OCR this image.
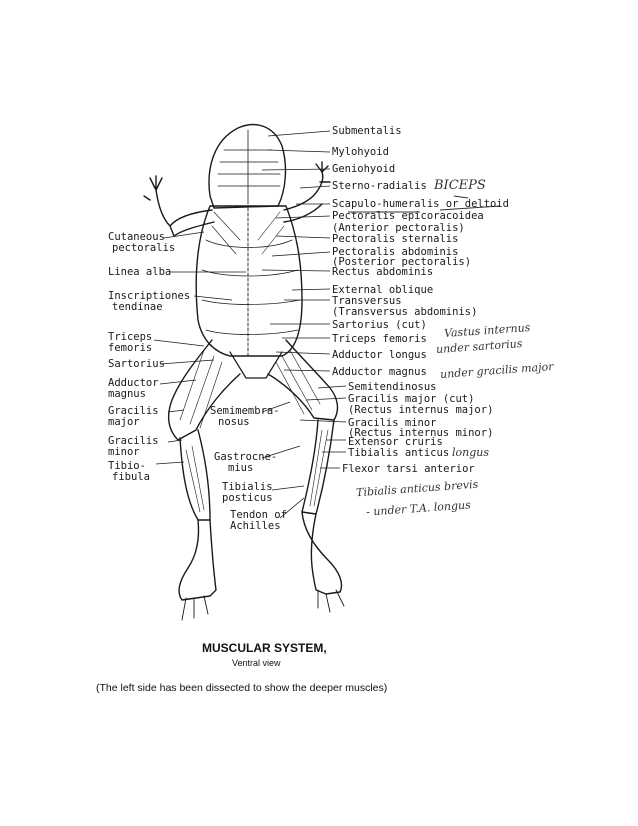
Submentalis
Mylohyoid
Geniohyoid
Sterno-radialis
Scapulo-humeralis or deltoid
Pectoralis epicoracoidea
(Anterior pectoralis)
Pectoralis sternalis
Pectoralis abdominis
(Posterior pectoralis)
Rectus abdominis
External oblique
Transversus
(Transversus abdominis)
Sartorius (cut)
Triceps femoris
Adductor longus
Adductor magnus
Semitendinosus
Gracilis major (cut)
(Rectus internus major)
Gracilis minor
(Rectus internus minor)
Extensor cruris
Tibialis anticus
Flexor tarsi anterior
Cutaneous
pectoralis
Linea alba
Inscriptiones
tendinae
Triceps
femoris
Sartorius
Adductor
magnus
Gracilis
major
Gracilis
minor
Tibio-
fibula
Semimembra-
nosus
Gastrocne-
mius
Tibialis
posticus
Tendon of
Achilles
BICEPS
Vastus internus
under sartorius
under gracilis major
longus
Tibialis anticus brevis
- under T.A. longus
MUSCULAR SYSTEM,
Ventral view
(The left side has been dissected to show the deeper muscles)
